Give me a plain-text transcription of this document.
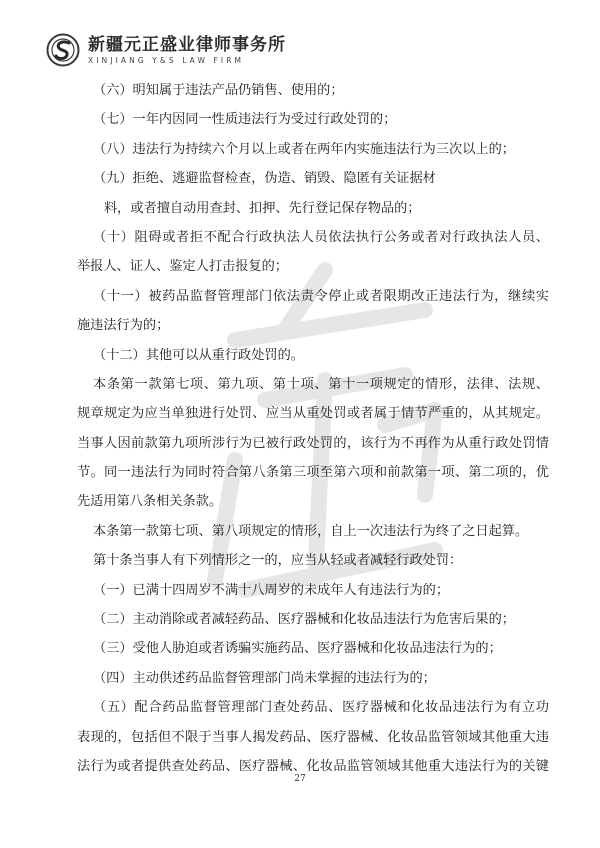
新疆元正盛业律师事务所
XINJIANG Y&S LAW FIRM
（六）明知属于违法产品仍销售、使用的；
（七）一年内因同一性质违法行为受过行政处罚的；
（八）违法行为持续六个月以上或者在两年内实施违法行为三次以上的；
（九）拒绝、逃避监督检查，伪造、销毁、隐匿有关证据材
料，或者擅自动用查封、扣押、先行登记保存物品的；
（十）阻碍或者拒不配合行政执法人员依法执行公务或者对行政执法人员、
举报人、证人、鉴定人打击报复的；
（十一）被药品监督管理部门依法责令停止或者限期改正违法行为，继续实
施违法行为的；
（十二）其他可以从重行政处罚的。
本条第一款第七项、第九项、第十项、第十一项规定的情形，法律、法规、
规章规定为应当单独进行处罚、应当从重处罚或者属于情节严重的，从其规定。
当事人因前款第九项所涉行为已被行政处罚的，该行为不再作为从重行政处罚情
节。同一违法行为同时符合第八条第三项至第六项和前款第一项、第二项的，优
先适用第八条相关条款。
本条第一款第七项、第八项规定的情形，自上一次违法行为终了之日起算。
第十条当事人有下列情形之一的，应当从轻或者减轻行政处罚：
（一）已满十四周岁不满十八周岁的未成年人有违法行为的；
（二）主动消除或者减轻药品、医疗器械和化妆品违法行为危害后果的；
（三）受他人胁迫或者诱骗实施药品、医疗器械和化妆品违法行为的；
（四）主动供述药品监督管理部门尚未掌握的违法行为的；
（五）配合药品监督管理部门查处药品、医疗器械和化妆品违法行为有立功
表现的，包括但不限于当事人揭发药品、医疗器械、化妆品监管领域其他重大违
法行为或者提供查处药品、医疗器械、化妆品监管领域其他重大违法行为的关键
27
